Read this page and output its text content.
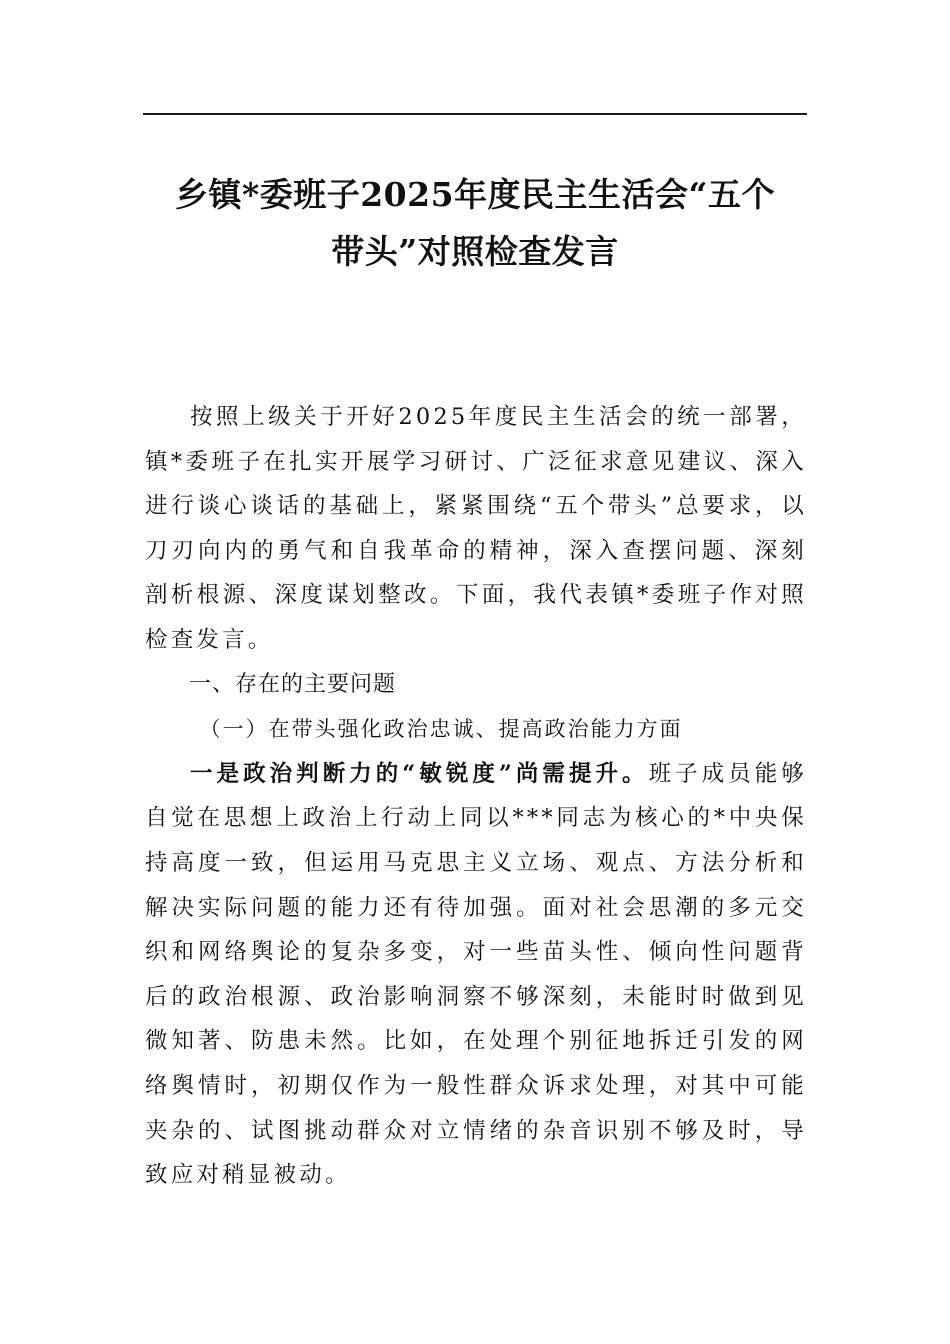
乡镇*委班子2025年度民主生活会“五个
带头”对照检查发言

按照上级关于开好2025年度民主生活会的统一部署，镇*委班子在扎实开展学习研讨、广泛征求意见建议、深入进行谈心谈话的基础上，紧紧围绕“五个带头”总要求，以刀刃向内的勇气和自我革命的精神，深入查摆问题、深刻剖析根源、深度谋划整改。下面，我代表镇*委班子作对照检查发言。

一、存在的主要问题

（一）在带头强化政治忠诚、提高政治能力方面

一是政治判断力的“敏锐度”尚需提升。班子成员能够自觉在思想上政治上行动上同以***同志为核心的*中央保持高度一致，但运用马克思主义立场、观点、方法分析和解决实际问题的能力还有待加强。面对社会思潮的多元交织和网络舆论的复杂多变，对一些苗头性、倾向性问题背后的政治根源、政治影响洞察不够深刻，未能时时做到见微知著、防患未然。比如，在处理个别征地拆迁引发的网络舆情时，初期仅作为一般性群众诉求处理，对其中可能夹杂的、试图挑动群众对立情绪的杂音识别不够及时，导致应对稍显被动。
